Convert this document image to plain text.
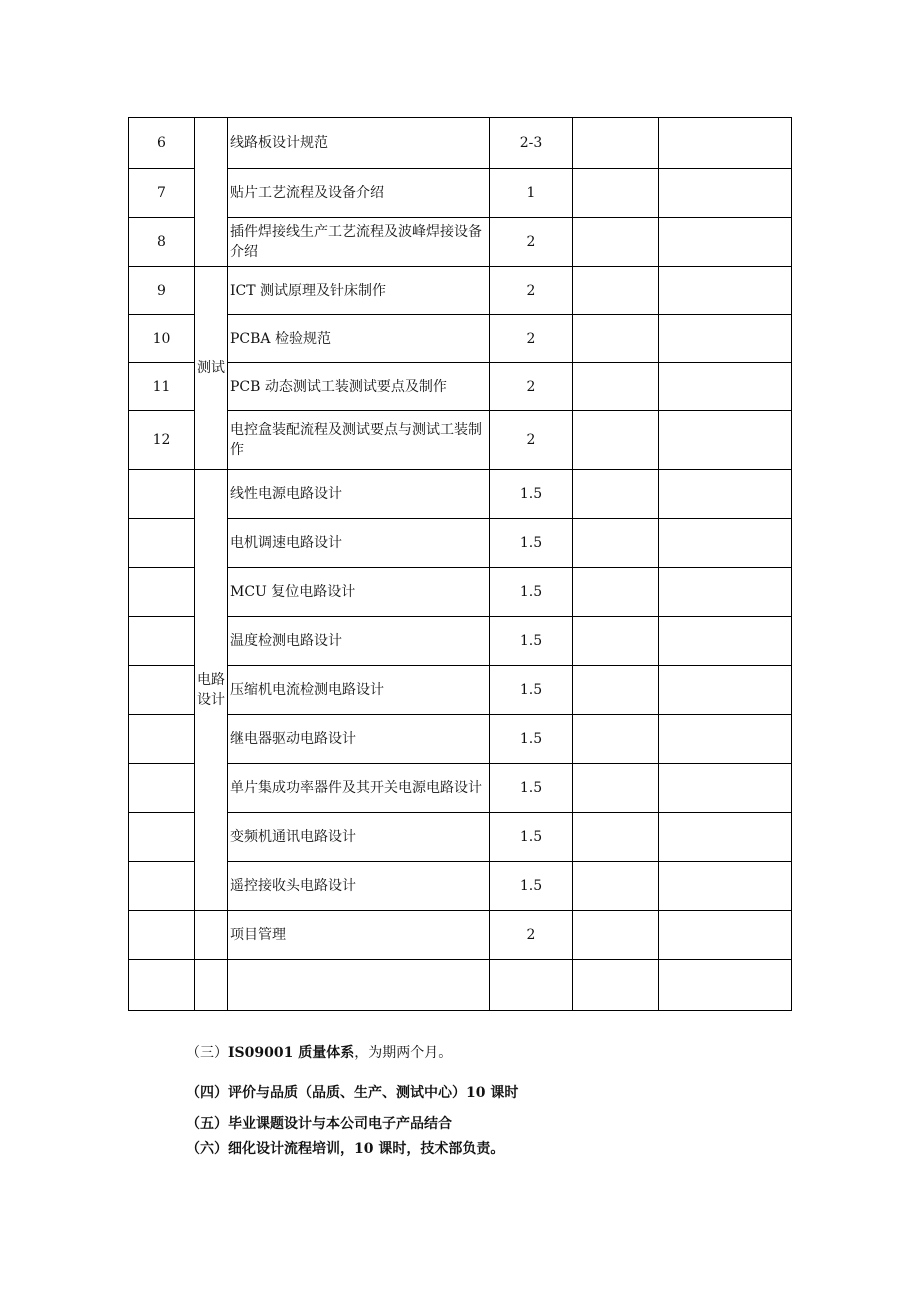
6		线路板设计规范	2-3		
7		贴片工艺流程及设备介绍	1		
8		插件焊接线生产工艺流程及波峰焊接设备介绍	2		
9	测试	ICT 测试原理及针床制作	2		
10		PCBA 检验规范	2		
11		PCB 动态测试工装测试要点及制作	2		
12		电控盒装配流程及测试要点与测试工装制作	2		
	电路设计	线性电源电路设计	1.5		
		电机调速电路设计	1.5		
		MCU 复位电路设计	1.5		
		温度检测电路设计	1.5		
		压缩机电流检测电路设计	1.5		
		继电器驱动电路设计	1.5		
		单片集成功率器件及其开关电源电路设计	1.5		
		变频机通讯电路设计	1.5		
		遥控接收头电路设计	1.5		
		项目管理	2		

（三）IS09001 质量体系，为期两个月。
（四）评价与品质（品质、生产、测试中心）10 课时
（五）毕业课题设计与本公司电子产品结合
（六）细化设计流程培训，10 课时，技术部负责。
